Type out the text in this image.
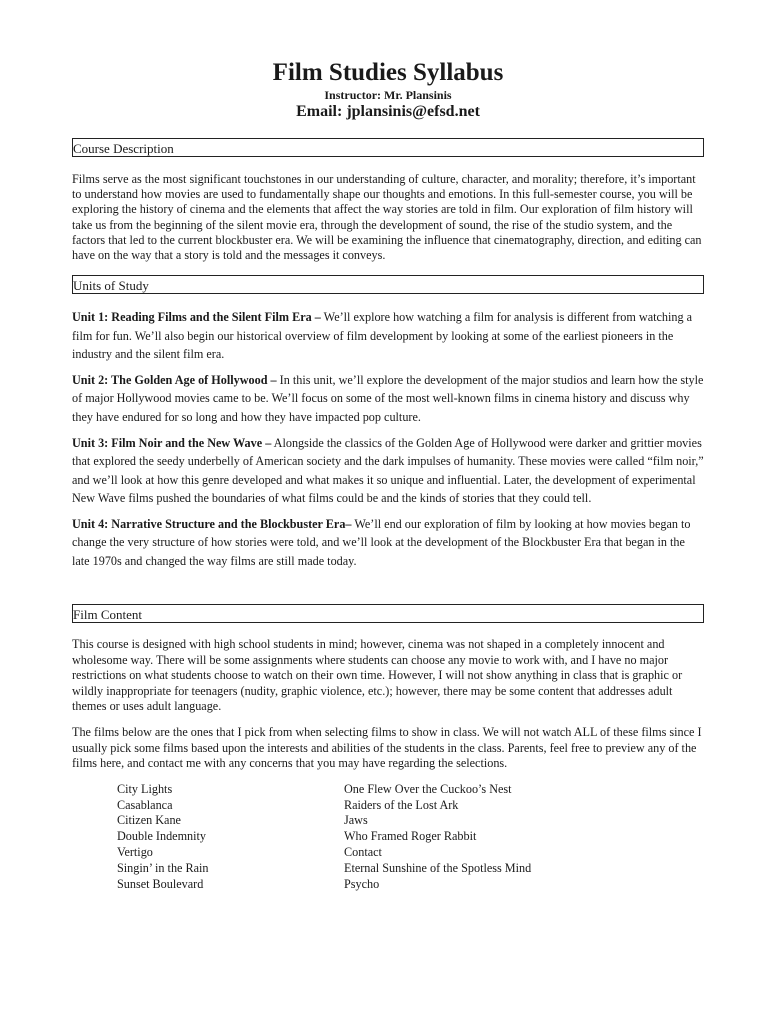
Film Studies Syllabus

Instructor: Mr. Plansinis

Email: jplansinis@efsd.net

Course Description

Films serve as the most significant touchstones in our understanding of culture, character, and morality; therefore, it’s important to understand how movies are used to fundamentally shape our thoughts and emotions. In this full-semester course, you will be exploring the history of cinema and the elements that affect the way stories are told in film. Our exploration of film history will take us from the beginning of the silent movie era, through the development of sound, the rise of the studio system, and the factors that led to the current blockbuster era. We will be examining the influence that cinematography, direction, and editing can have on the way that a story is told and the messages it conveys.

Units of Study

Unit 1: Reading Films and the Silent Film Era – We’ll explore how watching a film for analysis is different from watching a film for fun. We’ll also begin our historical overview of film development by looking at some of the earliest pioneers in the industry and the silent film era.

Unit 2: The Golden Age of Hollywood – In this unit, we’ll explore the development of the major studios and learn how the style of major Hollywood movies came to be. We’ll focus on some of the most well-known films in cinema history and discuss why they have endured for so long and how they have impacted pop culture.

Unit 3: Film Noir and the New Wave – Alongside the classics of the Golden Age of Hollywood were darker and grittier movies that explored the seedy underbelly of American society and the dark impulses of humanity. These movies were called “film noir,” and we’ll look at how this genre developed and what makes it so unique and influential. Later, the development of experimental New Wave films pushed the boundaries of what films could be and the kinds of stories that they could tell.

Unit 4: Narrative Structure and the Blockbuster Era– We’ll end our exploration of film by looking at how movies began to change the very structure of how stories were told, and we’ll look at the development of the Blockbuster Era that began in the late 1970s and changed the way films are still made today.

Film Content

This course is designed with high school students in mind; however, cinema was not shaped in a completely innocent and wholesome way. There will be some assignments where students can choose any movie to work with, and I have no major restrictions on what students choose to watch on their own time. However, I will not show anything in class that is graphic or wildly inappropriate for teenagers (nudity, graphic violence, etc.); however, there may be some content that addresses adult themes or uses adult language.

The films below are the ones that I pick from when selecting films to show in class. We will not watch ALL of these films since I usually pick some films based upon the interests and abilities of the students in the class. Parents, feel free to preview any of the films here, and contact me with any concerns that you may have regarding the selections.

City Lights
Casablanca
Citizen Kane
Double Indemnity
Vertigo
Singin’ in the Rain
Sunset Boulevard
One Flew Over the Cuckoo’s Nest
Raiders of the Lost Ark
Jaws
Who Framed Roger Rabbit
Contact
Eternal Sunshine of the Spotless Mind
Psycho
